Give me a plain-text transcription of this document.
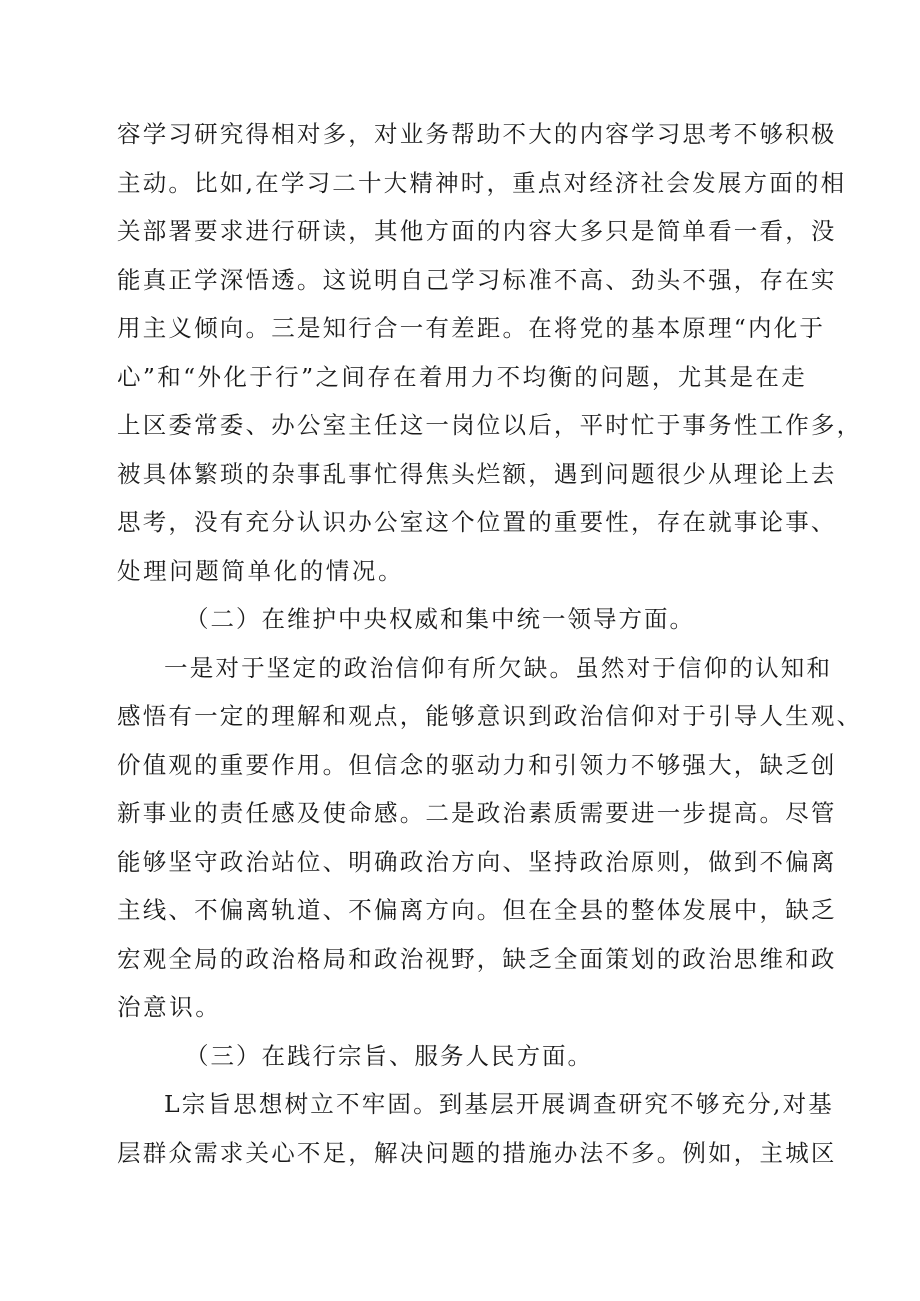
容学习研究得相对多，对业务帮助不大的内容学习思考不够积极
主动。比如,在学习二十大精神时，重点对经济社会发展方面的相
关部署要求进行研读，其他方面的内容大多只是简单看一看，没
能真正学深悟透。这说明自己学习标准不高、劲头不强，存在实
用主义倾向。三是知行合一有差距。在将党的基本原理“内化于
心”和“外化于行”之间存在着用力不均衡的问题，尤其是在走
上区委常委、办公室主任这一岗位以后，平时忙于事务性工作多，
被具体繁琐的杂事乱事忙得焦头烂额，遇到问题很少从理论上去
思考，没有充分认识办公室这个位置的重要性，存在就事论事、
处理问题简单化的情况。
（二）在维护中央权威和集中统一领导方面。
一是对于坚定的政治信仰有所欠缺。虽然对于信仰的认知和
感悟有一定的理解和观点，能够意识到政治信仰对于引导人生观、
价值观的重要作用。但信念的驱动力和引领力不够强大，缺乏创
新事业的责任感及使命感。二是政治素质需要进一步提高。尽管
能够坚守政治站位、明确政治方向、坚持政治原则，做到不偏离
主线、不偏离轨道、不偏离方向。但在全县的整体发展中，缺乏
宏观全局的政治格局和政治视野，缺乏全面策划的政治思维和政
治意识。
（三）在践行宗旨、服务人民方面。
L宗旨思想树立不牢固。到基层开展调查研究不够充分,对基
层群众需求关心不足，解决问题的措施办法不多。例如，主城区
